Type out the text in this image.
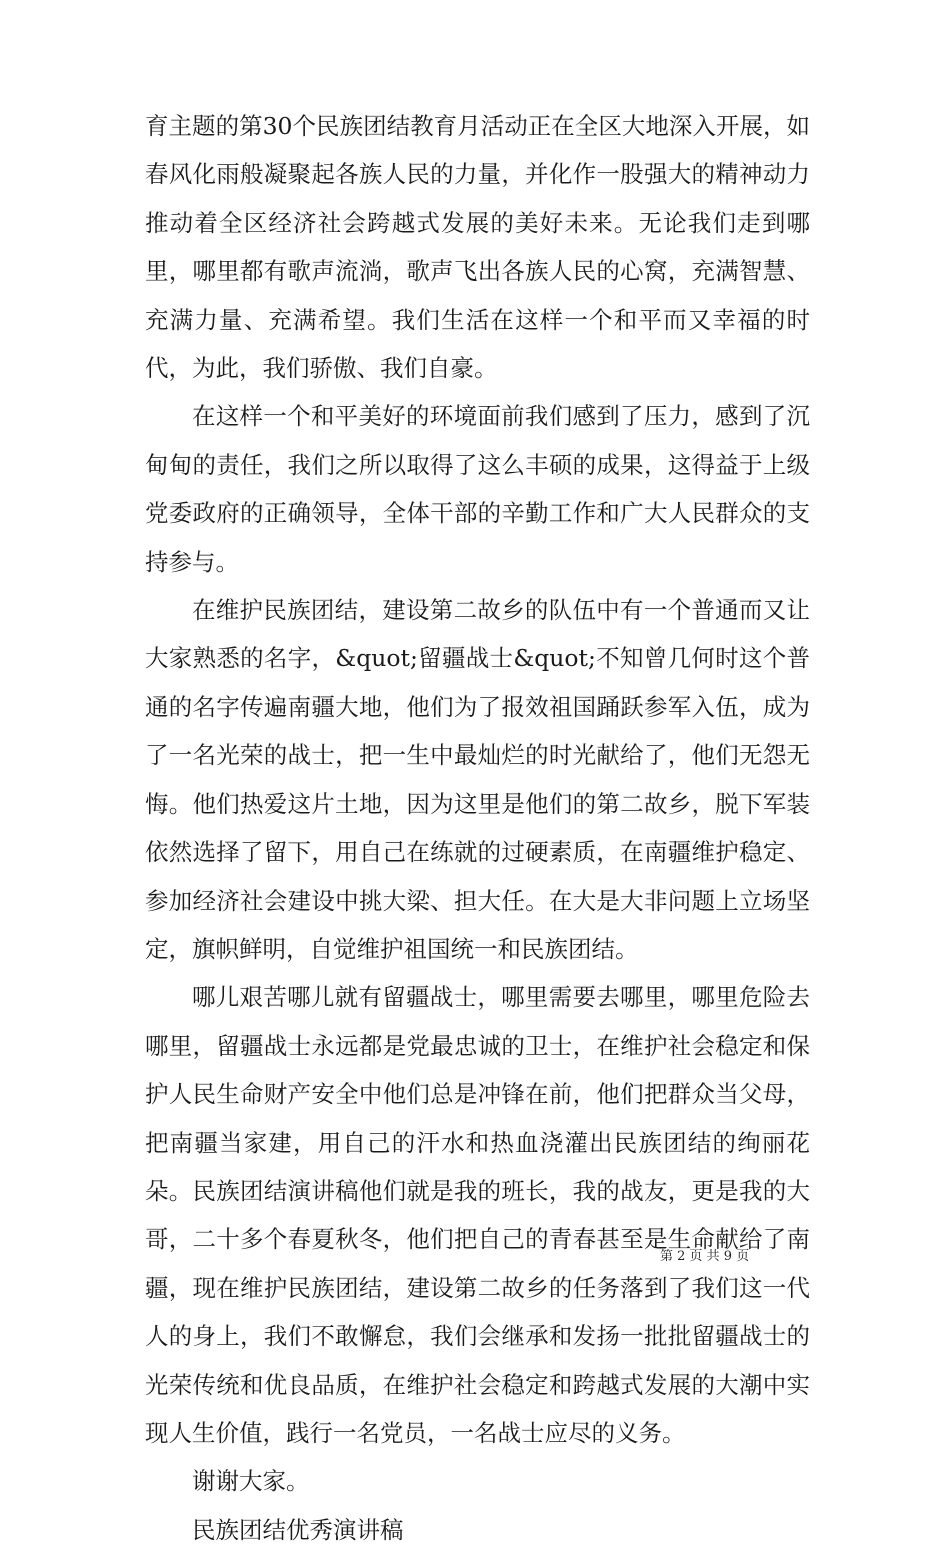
育主题的第30个民族团结教育月活动正在全区大地深入开展，如春风化雨般凝聚起各族人民的力量，并化作一股强大的精神动力推动着全区经济社会跨越式发展的美好未来。无论我们走到哪里，哪里都有歌声流淌，歌声飞出各族人民的心窝，充满智慧、充满力量、充满希望。我们生活在这样一个和平而又幸福的时代，为此，我们骄傲、我们自豪。

在这样一个和平美好的环境面前我们感到了压力，感到了沉甸甸的责任，我们之所以取得了这么丰硕的成果，这得益于上级党委政府的正确领导，全体干部的辛勤工作和广大人民群众的支持参与。

在维护民族团结，建设第二故乡的队伍中有一个普通而又让大家熟悉的名字，&quot;留疆战士&quot;不知曾几何时这个普通的名字传遍南疆大地，他们为了报效祖国踊跃参军入伍，成为了一名光荣的战士，把一生中最灿烂的时光献给了，他们无怨无悔。他们热爱这片土地，因为这里是他们的第二故乡，脱下军装依然选择了留下，用自己在练就的过硬素质，在南疆维护稳定、参加经济社会建设中挑大梁、担大任。在大是大非问题上立场坚定，旗帜鲜明，自觉维护祖国统一和民族团结。

哪儿艰苦哪儿就有留疆战士，哪里需要去哪里，哪里危险去哪里，留疆战士永远都是党最忠诚的卫士，在维护社会稳定和保护人民生命财产安全中他们总是冲锋在前，他们把群众当父母，把南疆当家建，用自己的汗水和热血浇灌出民族团结的绚丽花朵。民族团结演讲稿他们就是我的班长，我的战友，更是我的大哥，二十多个春夏秋冬，他们把自己的青春甚至是生命献给了南疆，现在维护民族团结，建设第二故乡的任务落到了我们这一代人的身上，我们不敢懈怠，我们会继承和发扬一批批留疆战士的光荣传统和优良品质，在维护社会稳定和跨越式发展的大潮中实现人生价值，践行一名党员，一名战士应尽的义务。

谢谢大家。

民族团结优秀演讲稿

第 2 页 共 9 页
